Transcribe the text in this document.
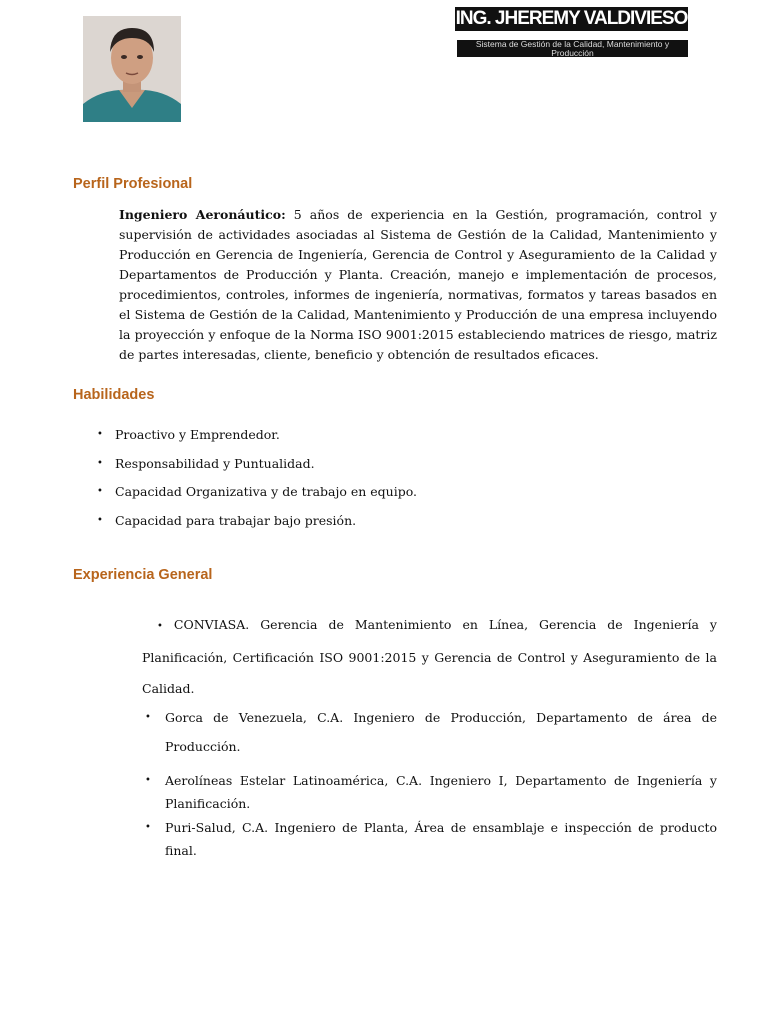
ING. JHEREMY VALDIVIESO
Sistema de Gestión de la Calidad, Mantenimiento y Producción
Perfil Profesional
Ingeniero Aeronáutico: 5 años de experiencia en la Gestión, programación, control y supervisión de actividades asociadas al Sistema de Gestión de la Calidad, Mantenimiento y Producción en Gerencia de Ingeniería, Gerencia de Control y Aseguramiento de la Calidad y Departamentos de Producción y Planta. Creación, manejo e implementación de procesos, procedimientos, controles, informes de ingeniería, normativas, formatos y tareas basados en el Sistema de Gestión de la Calidad, Mantenimiento y Producción de una empresa incluyendo la proyección y enfoque de la Norma ISO 9001:2015 estableciendo matrices de riesgo, matriz de partes interesadas, cliente, beneficio y obtención de resultados eficaces.
Habilidades
• Proactivo y Emprendedor.
• Responsabilidad y Puntualidad.
• Capacidad Organizativa y de trabajo en equipo.
• Capacidad para trabajar bajo presión.
Experiencia General
• CONVIASA. Gerencia de Mantenimiento en Línea, Gerencia de Ingeniería y Planificación, Certificación ISO 9001:2015 y Gerencia de Control y Aseguramiento de la Calidad.
•	Gorca de Venezuela, C.A. Ingeniero de Producción, Departamento de área de Producción.
•	Aerolíneas Estelar Latinoamérica, C.A. Ingeniero I, Departamento de Ingeniería y Planificación.
•	Puri-Salud, C.A. Ingeniero de Planta, Área de ensamblaje e inspección de producto final.
